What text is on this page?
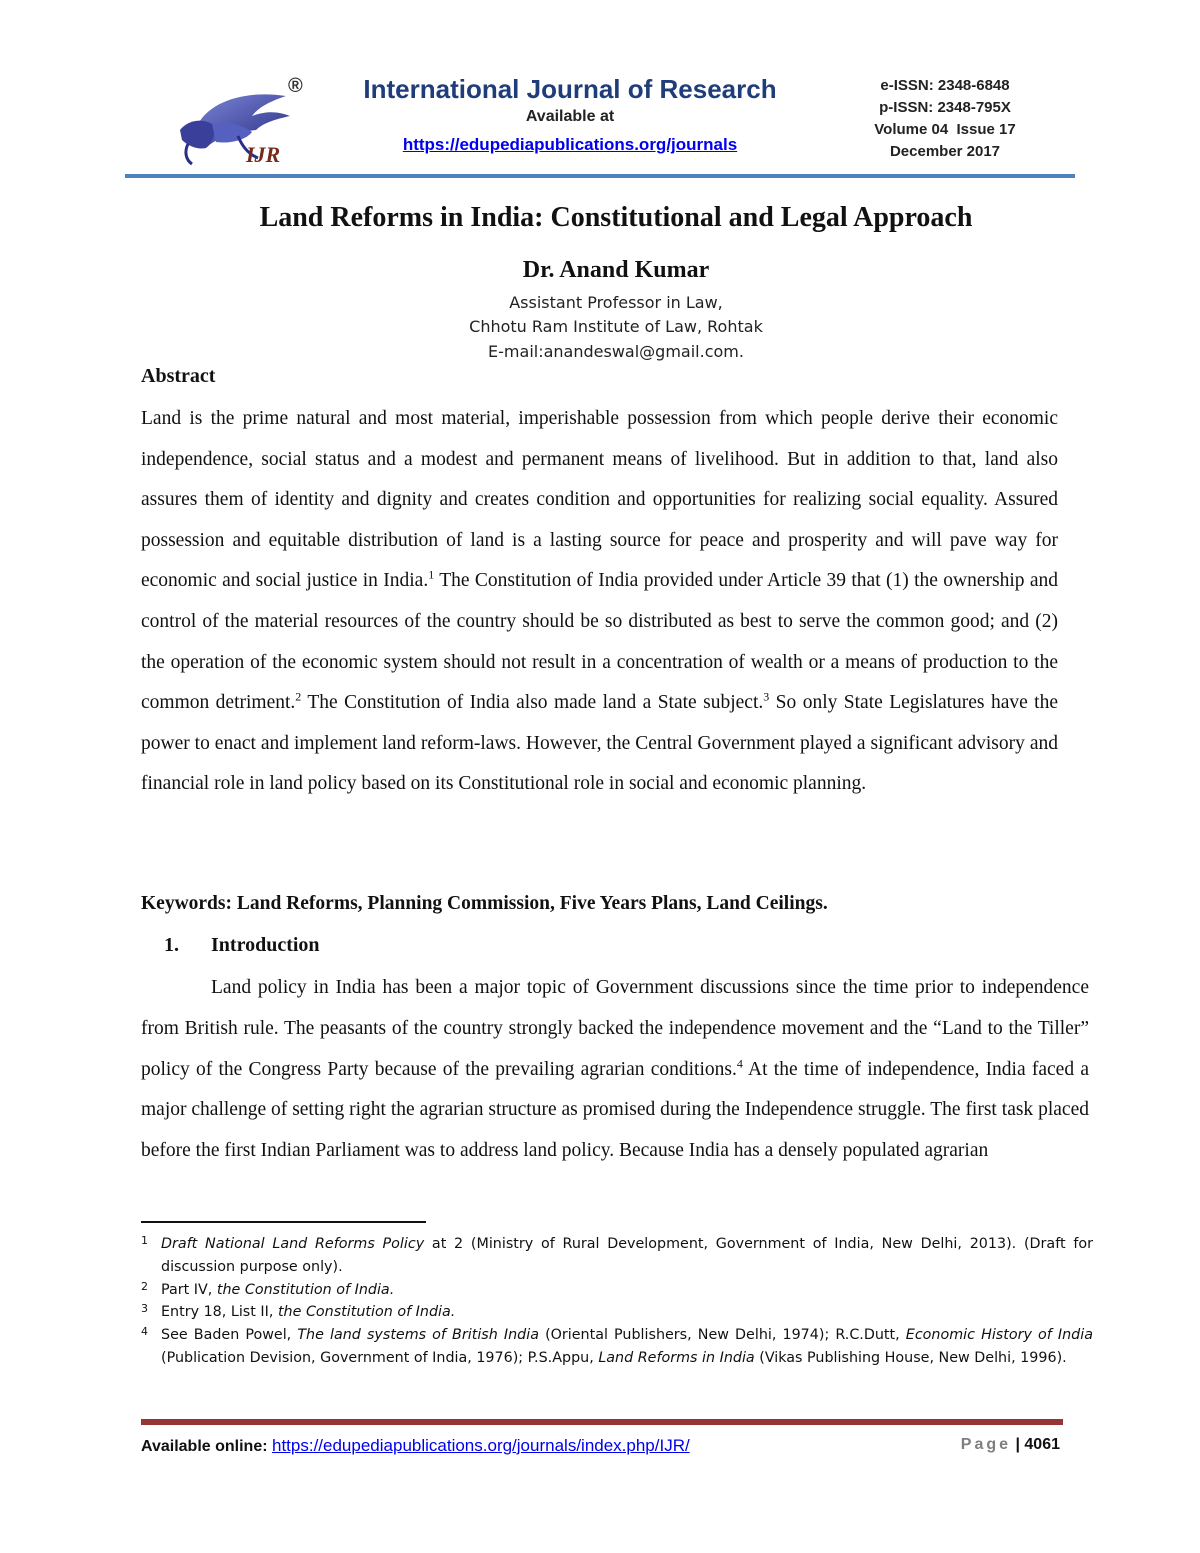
IJR
®	International Journal of Research
Available at
https://edupediapublications.org/journals
e-ISSN: 2348-6848
p-ISSN: 2348-795X
Volume 04  Issue 17
December 2017
Land Reforms in India: Constitutional and Legal Approach
Dr. Anand Kumar
Assistant Professor in Law,
Chhotu Ram Institute of Law, Rohtak
E-mail:anandeswal@gmail.com.
Abstract

Land is the prime natural and most material, imperishable possession from which people derive their economic independence, social status and a modest and permanent means of livelihood. But in addition to that, land also assures them of identity and dignity and creates condition and opportunities for realizing social equality. Assured possession and equitable distribution of land is a lasting source for peace and prosperity and will pave way for economic and social justice in India.$^1$ The Constitution of India provided under Article 39 that (1) the ownership and control of the material resources of the country should be so distributed as best to serve the common good; and (2) the operation of the economic system should not result in a concentration of wealth or a means of production to the common detriment.$^2$ The Constitution of India also made land a State subject.$^3$ So only State Legislatures have the power to enact and implement land reform-laws. However, the Central Government played a significant advisory and financial role in land policy based on its Constitutional role in social and economic planning.

Keywords: Land Reforms, Planning Commission, Five Years Plans, Land Ceilings.
1. Introduction

Land policy in India has been a major topic of Government discussions since the time prior to independence from British rule. The peasants of the country strongly backed the independence movement and the “Land to the Tiller” policy of the Congress Party because of the prevailing agrarian conditions.$^4$ At the time of independence, India faced a major challenge of setting right the agrarian structure as promised during the Independence struggle. The first task placed before the first Indian Parliament was to address land policy. Because India has a densely populated agrarian

1 Draft National Land Reforms Policy at 2 (Ministry of Rural Development, Government of India, New Delhi, 2013). (Draft for discussion purpose only).
2 Part IV, the Constitution of India.
3 Entry 18, List II, the Constitution of India.
4 See Baden Powel, The land systems of British India (Oriental Publishers, New Delhi, 1974); R.C.Dutt, Economic History of India (Publication Devision, Government of India, 1976); P.S.Appu, Land Reforms in India (Vikas Publishing House, New Delhi, 1996).
Available online: https://edupediapublications.org/journals/index.php/IJR/	Page | 4061
